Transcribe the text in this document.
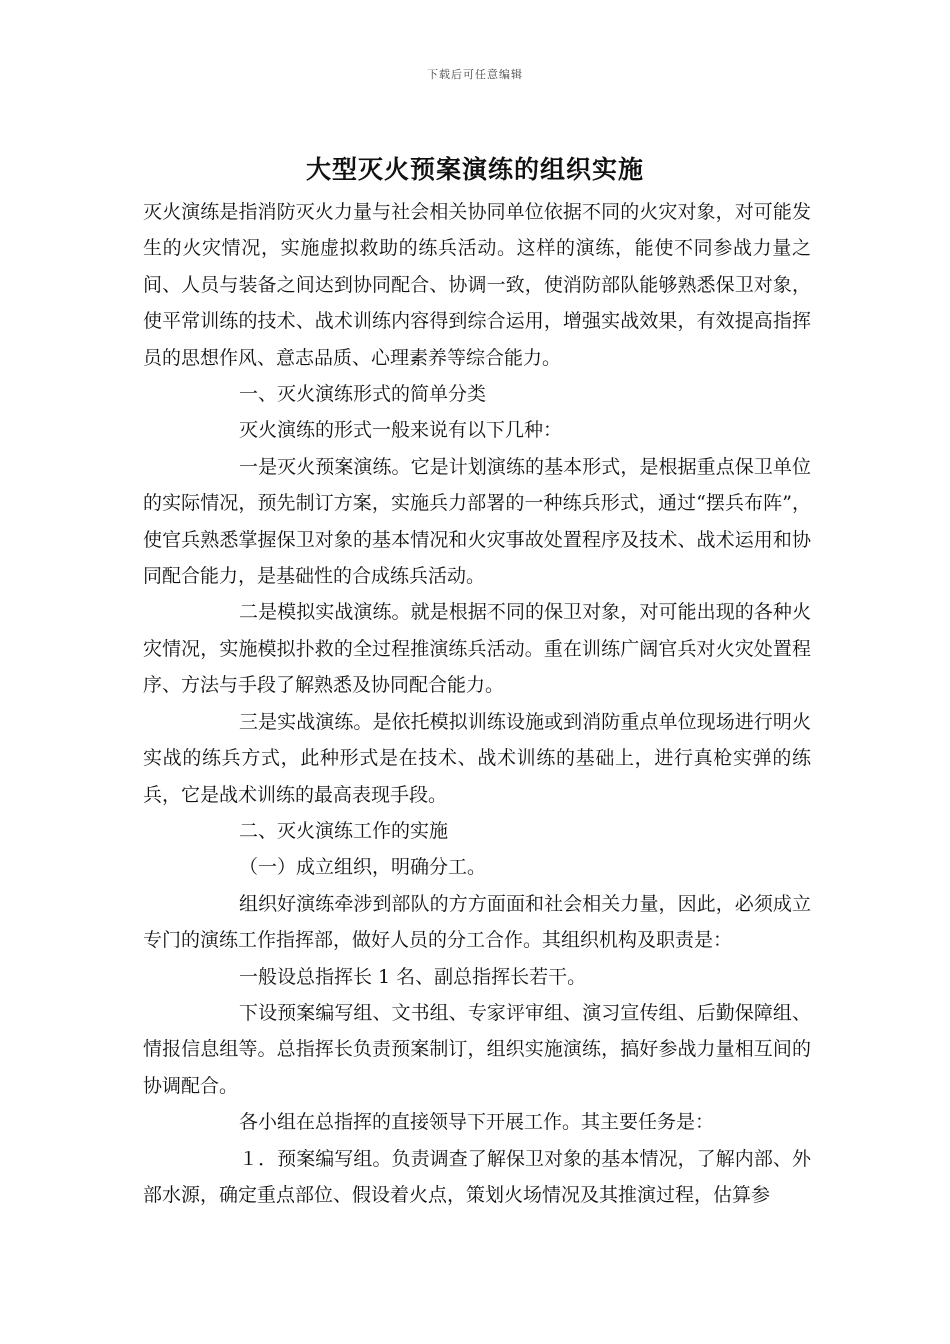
下载后可任意编辑
大型灭火预案演练的组织实施

灭火演练是指消防灭火力量与社会相关协同单位依据不同的火灾对象，对可能发生的火灾情况，实施虚拟救助的练兵活动。这样的演练，能使不同参战力量之间、人员与装备之间达到协同配合、协调一致，使消防部队能够熟悉保卫对象，使平常训练的技术、战术训练内容得到综合运用，增强实战效果，有效提高指挥员的思想作风、意志品质、心理素养等综合能力。

一、灭火演练形式的简单分类

灭火演练的形式一般来说有以下几种：

一是灭火预案演练。它是计划演练的基本形式，是根据重点保卫单位的实际情况，预先制订方案，实施兵力部署的一种练兵形式，通过“摆兵布阵”，使官兵熟悉掌握保卫对象的基本情况和火灾事故处置程序及技术、战术运用和协同配合能力，是基础性的合成练兵活动。

二是模拟实战演练。就是根据不同的保卫对象，对可能出现的各种火灾情况，实施模拟扑救的全过程推演练兵活动。重在训练广阔官兵对火灾处置程序、方法与手段了解熟悉及协同配合能力。

三是实战演练。是依托模拟训练设施或到消防重点单位现场进行明火实战的练兵方式，此种形式是在技术、战术训练的基础上，进行真枪实弹的练兵，它是战术训练的最高表现手段。

二、灭火演练工作的实施

（一）成立组织，明确分工。

组织好演练牵涉到部队的方方面面和社会相关力量，因此，必须成立专门的演练工作指挥部，做好人员的分工合作。其组织机构及职责是：

一般设总指挥长 1 名、副总指挥长若干。

下设预案编写组、文书组、专家评审组、演习宣传组、后勤保障组、情报信息组等。总指挥长负责预案制订，组织实施演练，搞好参战力量相互间的协调配合。

各小组在总指挥的直接领导下开展工作。其主要任务是：

１．预案编写组。负责调查了解保卫对象的基本情况，了解内部、外部水源，确定重点部位、假设着火点，策划火场情况及其推演过程，估算参
